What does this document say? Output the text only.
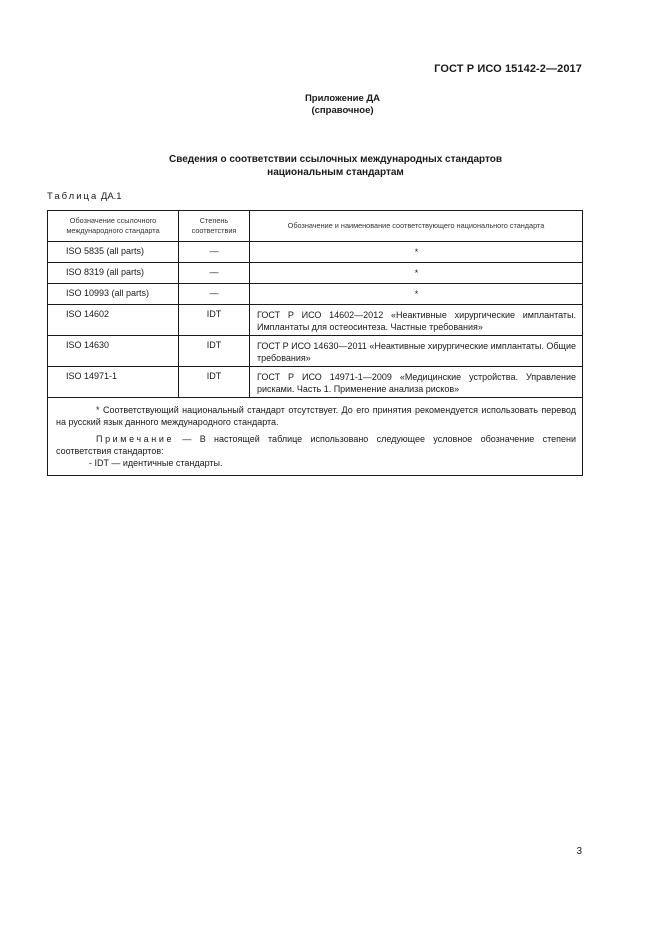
ГОСТ Р ИСО 15142-2—2017
Приложение ДА
(справочное)
Сведения о соответствии ссылочных международных стандартов
национальным стандартам
Таблица ДА.1
Обозначение ссылочного международного стандарта	Степень соответствия	Обозначение и наименование соответствующего национального стандарта
ISO 5835 (all parts)	—	*
ISO 8319 (all parts)	—	*
ISO 10993 (all parts)	—	*
ISO 14602	IDT	ГОСТ Р ИСО 14602—2012 «Неактивные хирургические имплантаты. Имплантаты для остеосинтеза. Частные требования»
ISO 14630	IDT	ГОСТ Р ИСО 14630—2011 «Неактивные хирургические имплантаты. Общие требования»
ISO 14971-1	IDT	ГОСТ Р ИСО 14971-1—2009 «Медицинские устройства. Управление рисками. Часть 1. Применение анализа рисков»

* Соответствующий национальный стандарт отсутствует. До его принятия рекомендуется использовать перевод на русский язык данного международного стандарта.

Примечание — В настоящей таблице использовано следующее условное обозначение степени соответствия стандартов:

- IDT — идентичные стандарты.		

3
